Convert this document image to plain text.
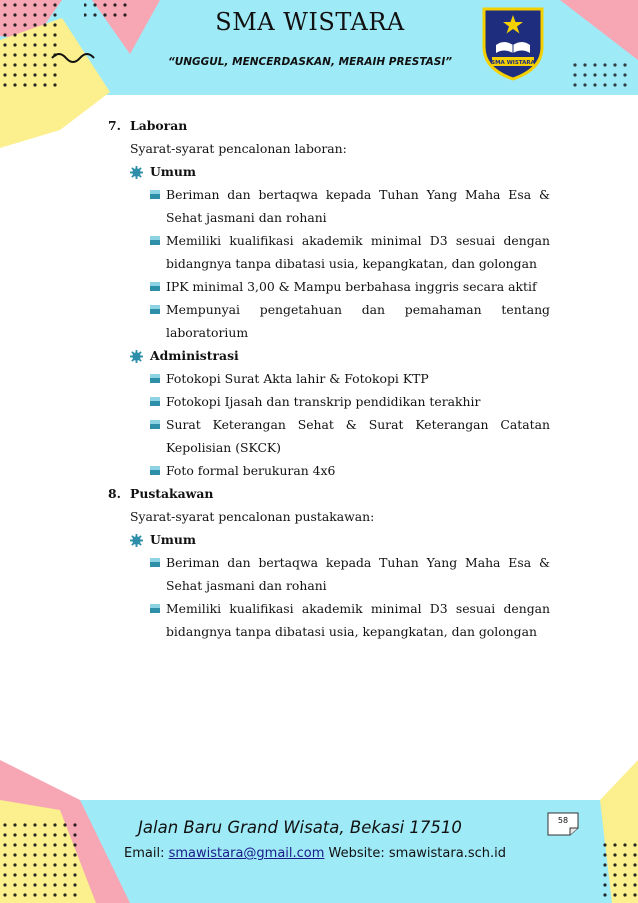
SMA WISTARA
“UNGGUL, MENCERDASKAN, MERAIH PRESTASI”	SMA WISTARA
7. Laboran
Syarat-syarat pencalonan laboran:
Umum
Beriman dan bertaqwa kepada Tuhan Yang Maha Esa & Sehat jasmani dan rohani
Memiliki kualifikasi akademik minimal D3 sesuai dengan bidangnya tanpa dibatasi usia, kepangkatan, dan golongan
IPK minimal 3,00 & Mampu berbahasa inggris secara aktif
Mempunyai pengetahuan dan pemahaman tentang laboratorium
Administrasi
Fotokopi Surat Akta lahir & Fotokopi KTP
Fotokopi Ijasah dan transkrip pendidikan terakhir
Surat Keterangan Sehat & Surat Keterangan Catatan Kepolisian (SKCK)
Foto formal berukuran 4x6
8. Pustakawan
Syarat-syarat pencalonan pustakawan:
Umum
Beriman dan bertaqwa kepada Tuhan Yang Maha Esa & Sehat jasmani dan rohani
Memiliki kualifikasi akademik minimal D3 sesuai dengan bidangnya tanpa dibatasi usia, kepangkatan, dan golongan
58
Jalan Baru Grand Wisata, Bekasi 17510
Email: smawistara@gmail.com Website: smawistara.sch.id
